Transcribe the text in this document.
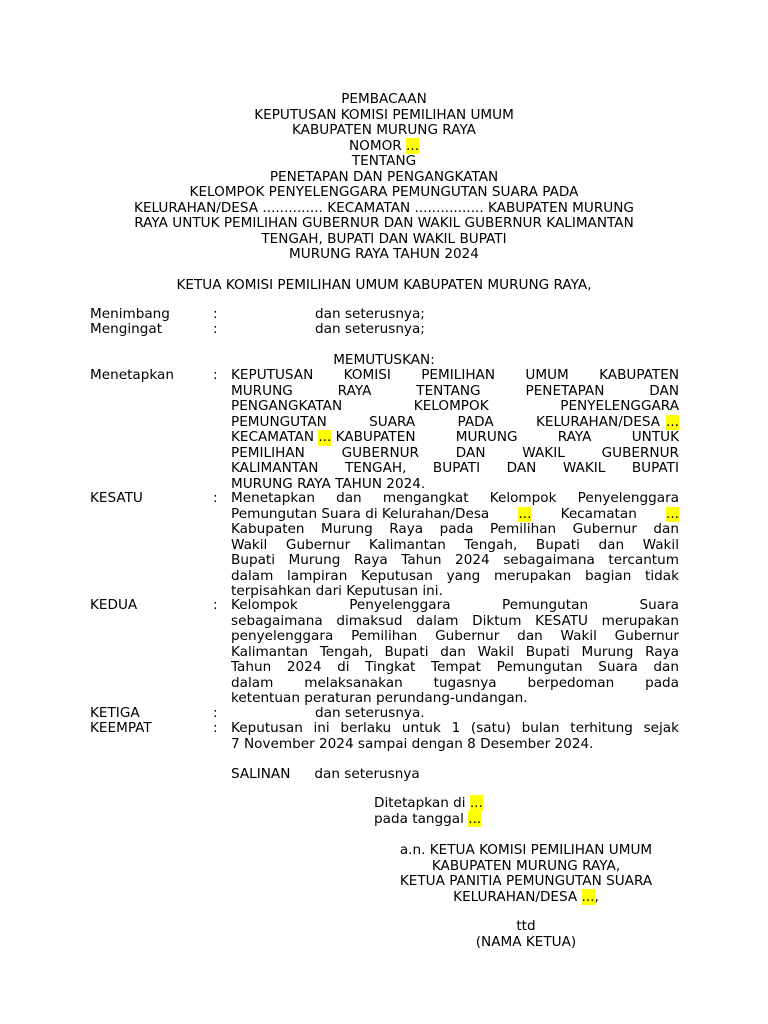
PEMBACAAN
KEPUTUSAN KOMISI PEMILIHAN UMUM
KABUPATEN MURUNG RAYA
NOMOR ...
TENTANG
PENETAPAN DAN PENGANGKATAN
KELOMPOK PENYELENGGARA PEMUNGUTAN SUARA PADA
KELURAHAN/DESA .............. KECAMATAN ................ KABUPATEN MURUNG
RAYA UNTUK PEMILIHAN GUBERNUR DAN WAKIL GUBERNUR KALIMANTAN
TENGAH, BUPATI DAN WAKIL BUPATI
MURUNG RAYA TAHUN 2024
KETUA KOMISI PEMILIHAN UMUM KABUPATEN MURUNG RAYA,
Menimbang	:	dan seterusnya;
Mengingat	:	dan seterusnya;
MEMUTUSKAN:
Menetapkan	: KEPUTUSAN KOMISI PEMILIHAN UMUM KABUPATEN
MURUNG RAYA TENTANG PENETAPAN DAN
PENGANGKATAN KELOMPOK PENYELENGGARA
PEMUNGUTAN SUARA PADA KELURAHAN/DESA ...
KECAMATAN
...
KABUPATEN MURUNG RAYA UNTUK
PEMILIHAN GUBERNUR DAN WAKIL GUBERNUR
KALIMANTAN TENGAH, BUPATI DAN WAKIL BUPATI
MURUNG RAYA TAHUN 2024.
KESATU	: Menetapkan dan mengangkat Kelompok Penyelenggara
Pemungutan Suara di Kelurahan/Desa ... Kecamatan ...
Kabupaten Murung Raya pada Pemilihan Gubernur dan
Wakil Gubernur Kalimantan Tengah, Bupati dan Wakil
Bupati Murung Raya Tahun 2024 sebagaimana tercantum
dalam lampiran Keputusan yang merupakan bagian tidak
terpisahkan dari Keputusan ini.
KEDUA	: Kelompok Penyelenggara Pemungutan Suara
sebagaimana dimaksud dalam Diktum KESATU merupakan
penyelenggara Pemilihan Gubernur dan Wakil Gubernur
Kalimantan Tengah, Bupati dan Wakil Bupati Murung Raya
Tahun 2024 di Tingkat Tempat Pemungutan Suara dan
dalam melaksanakan tugasnya berpedoman pada
ketentuan peraturan perundang-undangan.
KETIGA	:	dan seterusnya.
KEEMPAT	: Keputusan ini berlaku untuk 1 (satu) bulan terhitung sejak
7 November 2024 sampai dengan 8 Desember 2024.
SALINAN dan seterusnya
Ditetapkan di ...
pada tanggal ...
a.n. KETUA KOMISI PEMILIHAN UMUM
KABUPATEN MURUNG RAYA,
KETUA PANITIA PEMUNGUTAN SUARA
KELURAHAN/DESA ...,
ttd
(NAMA KETUA)
